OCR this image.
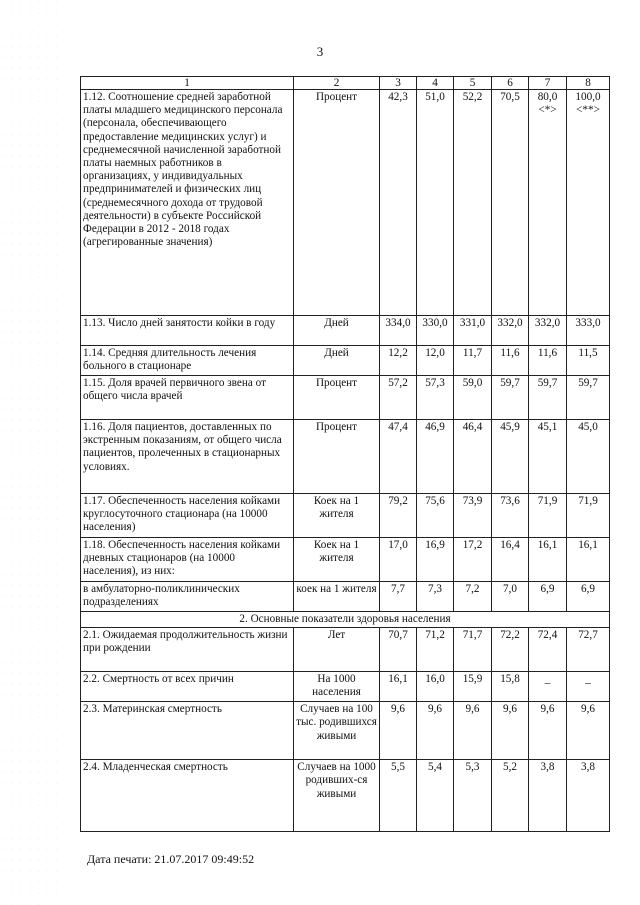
3
1	2	3	4	5	6	7	8
1.12. Соотношение средней заработной платы младшего медицинского персонала (персонала, обеспечивающего предоставление медицинских услуг) и среднемесячной начисленной заработной платы наемных работников в организациях, у индивидуальных предпринимателей и физических лиц (среднемесячного дохода от трудовой деятельности) в субъекте Российской Федерации в 2012 - 2018 годах (агрегированные значения)	Процент	42,3	51,0	52,2	70,5	80,0 <*>	100,0 <**>
1.13. Число дней занятости койки в году	Дней	334,0	330,0	331,0	332,0	332,0	333,0
1.14. Средняя длительность лечения больного в стационаре	Дней	12,2	12,0	11,7	11,6	11,6	11,5
1.15. Доля врачей первичного звена от общего числа врачей	Процент	57,2	57,3	59,0	59,7	59,7	59,7
1.16. Доля пациентов, доставленных по экстренным показаниям, от общего числа пациентов, пролеченных в стационарных условиях.	Процент	47,4	46,9	46,4	45,9	45,1	45,0
1.17. Обеспеченность населения койками круглосуточного стационара (на 10000 населения)	Коек на 1 жителя	79,2	75,6	73,9	73,6	71,9	71,9
1.18. Обеспеченность населения койками дневных стационаров (на 10000 населения), из них:	Коек на 1 жителя	17,0	16,9	17,2	16,4	16,1	16,1
в амбулаторно-поликлинических подразделениях	коек на 1 жителя	7,7	7,3	7,2	7,0	6,9	6,9
2. Основные показатели здоровья населения							
2.1. Ожидаемая продолжительность жизни при рождении	Лет	70,7	71,2	71,7	72,2	72,4	72,7
2.2. Смертность от всех причин	На 1000 населения	16,1	16,0	15,9	15,8	_	_
2.3. Материнская смертность	Случаев на 100 тыс. родившихся живыми	9,6	9,6	9,6	9,6	9,6	9,6
2.4. Младенческая смертность	Случаев на 1000 родивших-ся живыми	5,5	5,4	5,3	5,2	3,8	3,8
Дата печати: 21.07.2017 09:49:52
